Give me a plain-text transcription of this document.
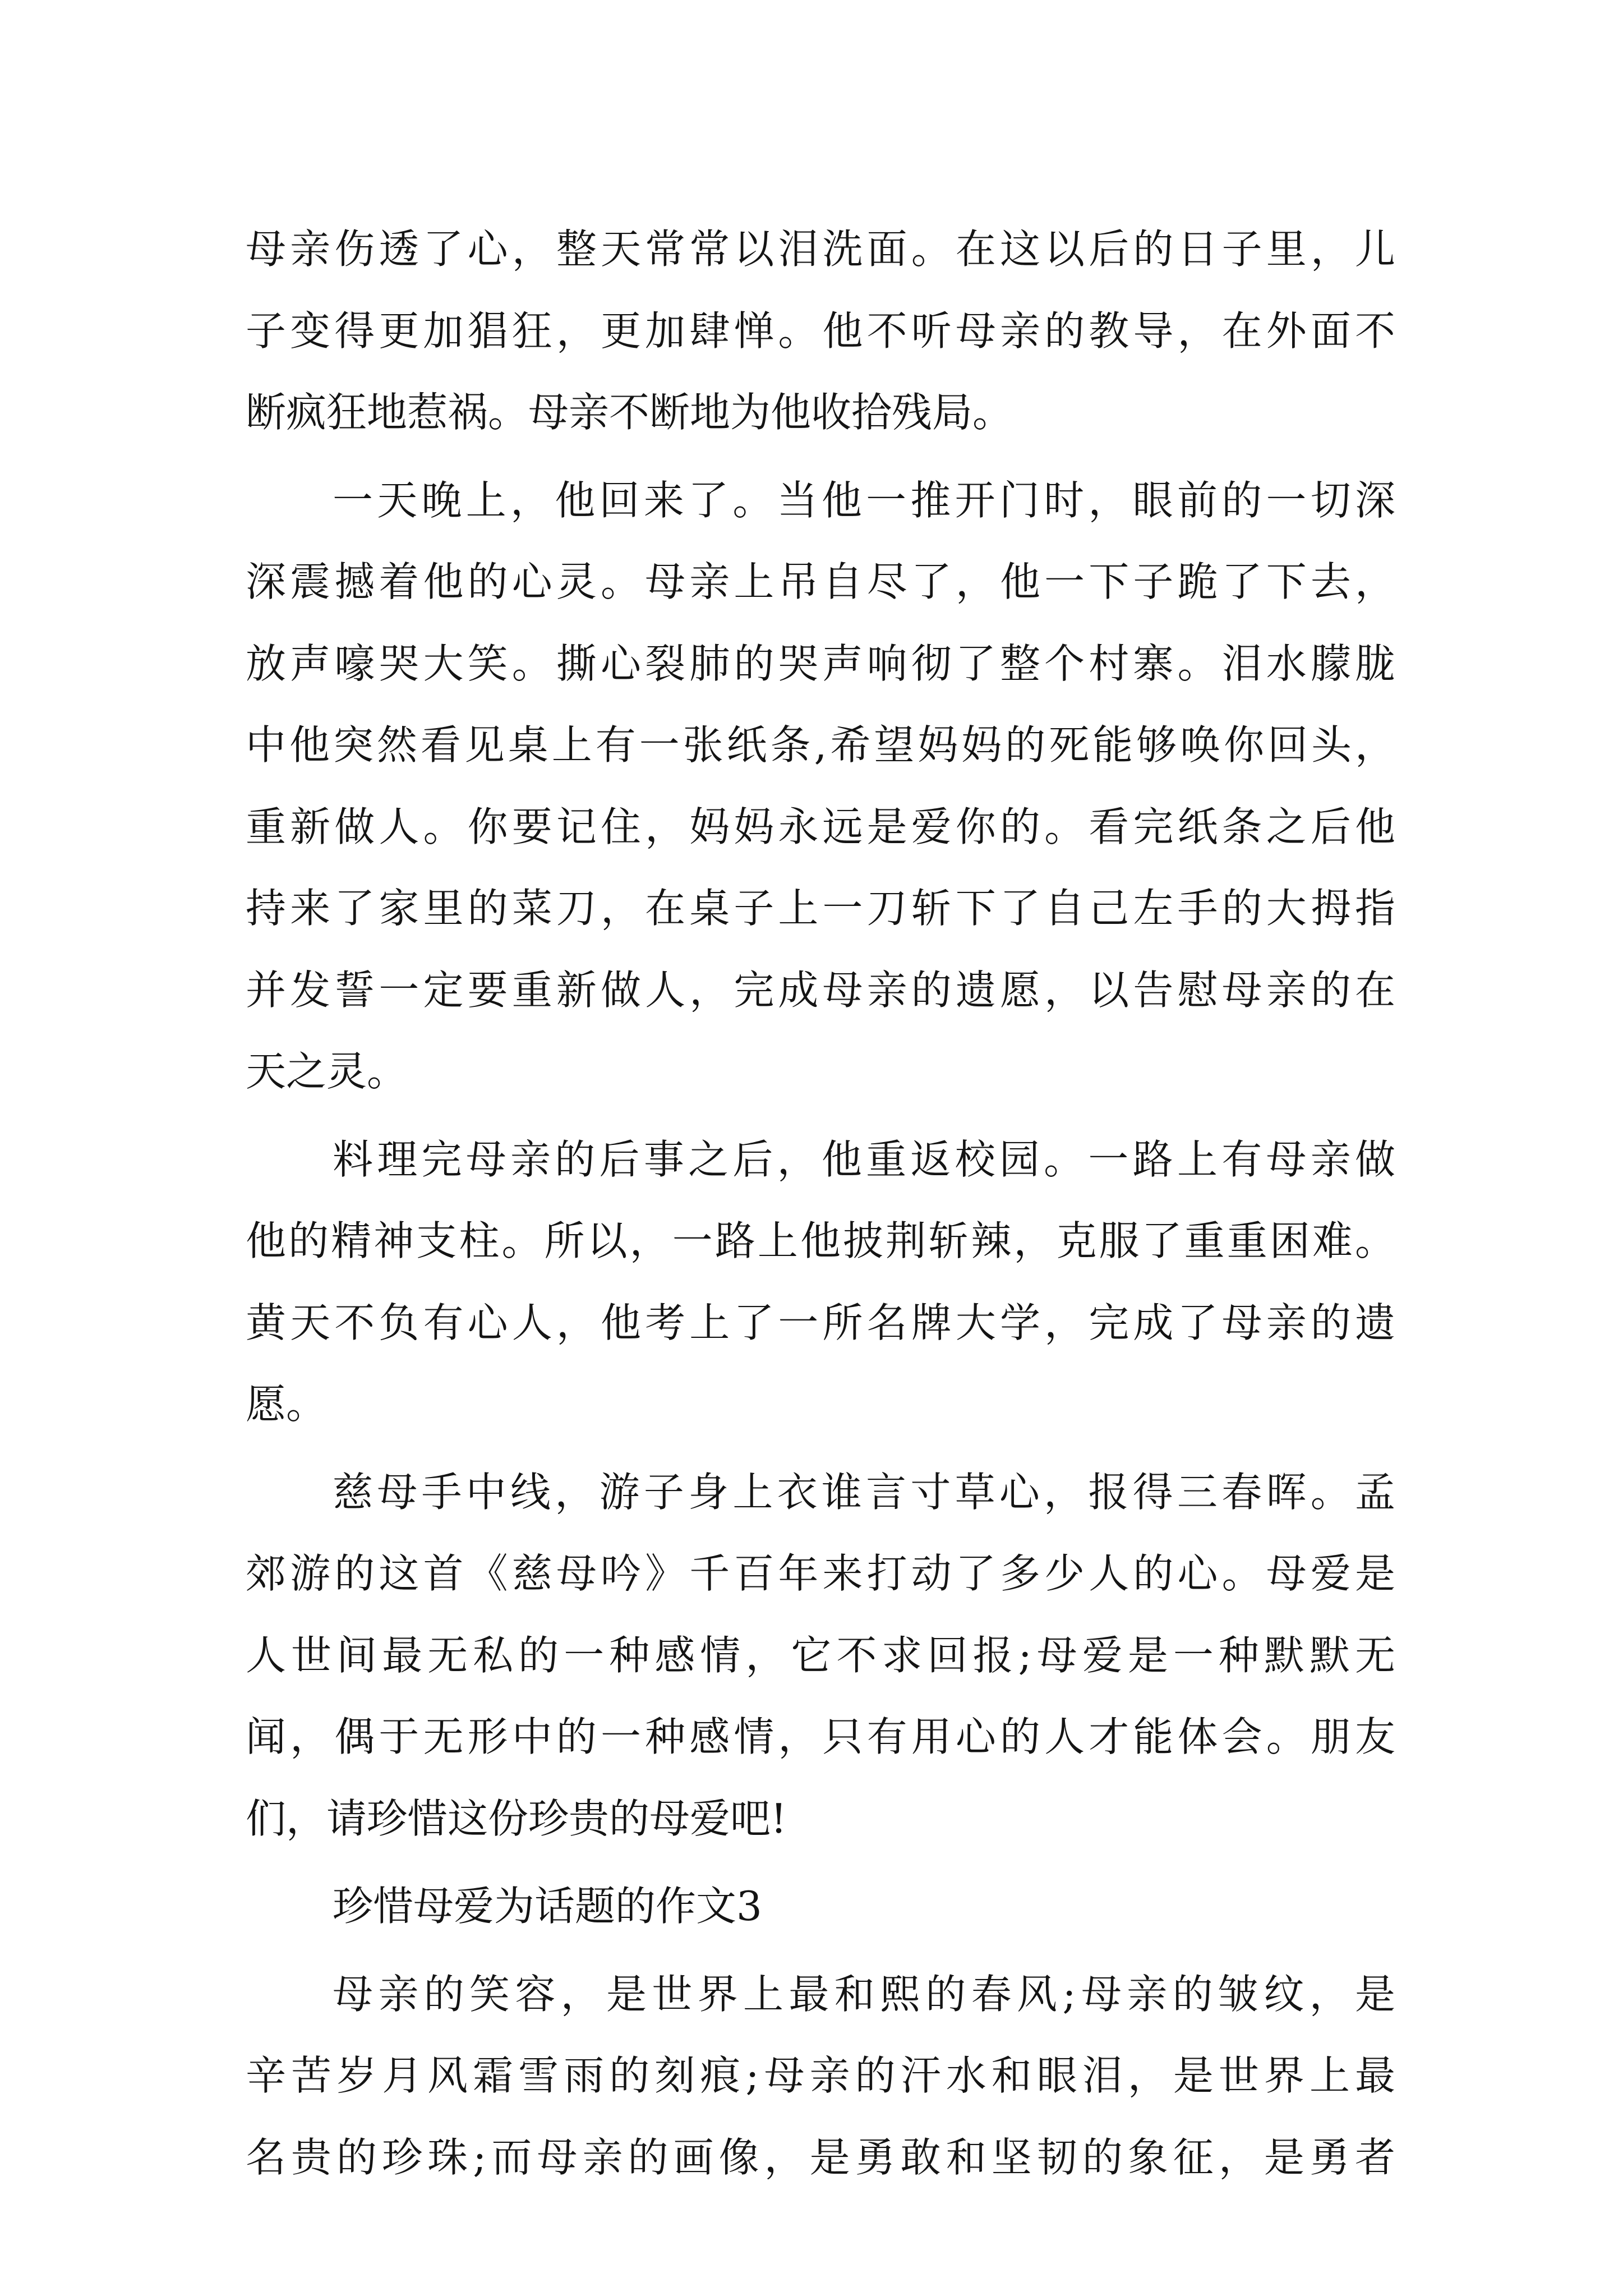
母亲伤透了心，整天常常以泪洗面。在这以后的日子里，儿
子变得更加猖狂，更加肆惮。他不听母亲的教导，在外面不
断疯狂地惹祸。母亲不断地为他收拾残局。
一天晚上，他回来了。当他一推开门时，眼前的一切深
深震撼着他的心灵。母亲上吊自尽了，他一下子跪了下去，
放声嚎哭大笑。撕心裂肺的哭声响彻了整个村寨。泪水朦胧
中他突然看见桌上有一张纸条,希望妈妈的死能够唤你回头，
重新做人。你要记住，妈妈永远是爱你的。看完纸条之后他
持来了家里的菜刀，在桌子上一刀斩下了自己左手的大拇指
并发誓一定要重新做人，完成母亲的遗愿，以告慰母亲的在
天之灵。
料理完母亲的后事之后，他重返校园。一路上有母亲做
他的精神支柱。所以，一路上他披荆斩辣，克服了重重困难。
黄天不负有心人，他考上了一所名牌大学，完成了母亲的遗
愿。
慈母手中线，游子身上衣谁言寸草心，报得三春晖。孟
郊游的这首《慈母吟》千百年来打动了多少人的心。母爱是
人世间最无私的一种感情，它不求回报;母爱是一种默默无
闻，偶于无形中的一种感情，只有用心的人才能体会。朋友
们，请珍惜这份珍贵的母爱吧!
珍惜母爱为话题的作文3
母亲的笑容，是世界上最和熙的春风;母亲的皱纹，是
辛苦岁月风霜雪雨的刻痕;母亲的汗水和眼泪，是世界上最
名贵的珍珠;而母亲的画像，是勇敢和坚韧的象征，是勇者
